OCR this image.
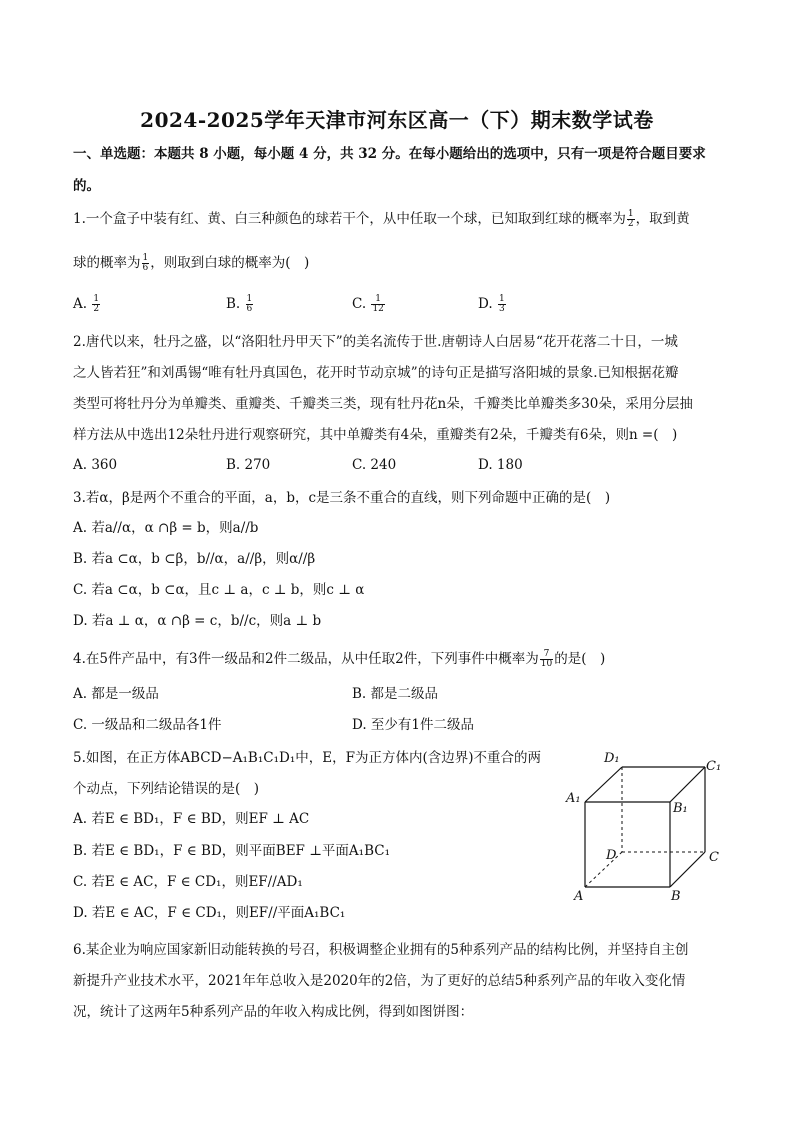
2024-2025学年天津市河东区高一（下）期末数学试卷
一、单选题：本题共 8 小题，每小题 4 分，共 32 分。在每小题给出的选项中，只有一项是符合题目要求
的。
1.一个盒子中装有红、黄、白三种颜色的球若干个，从中任取一个球，已知取到红球的概率为 $\frac{1}{2}$ ，取到黄
球的概率为 $\frac{1}{6}$ ，则取到白球的概率为(　)
A. $\frac{1}{2}$	B. $\frac{1}{6}$	C. $\frac{1}{12}$	D. $\frac{1}{3}$
2.唐代以来，牡丹之盛，以“洛阳牡丹甲天下”的美名流传于世.唐朝诗人白居易“花开花落二十日，一城
之人皆若狂”和刘禹锡“唯有牡丹真国色，花开时节动京城”的诗句正是描写洛阳城的景象.已知根据花瓣
类型可将牡丹分为单瓣类、重瓣类、千瓣类三类，现有牡丹花n朵，千瓣类比单瓣类多30朵，采用分层抽
样方法从中选出12朵牡丹进行观察研究，其中单瓣类有4朵，重瓣类有2朵，千瓣类有6朵，则n =(　)
A. 360	B. 270	C. 240	D. 180
3.若α，β是两个不重合的平面，a，b，c是三条不重合的直线，则下列命题中正确的是(　)
A. 若a//α，α ∩β = b，则a//b
B. 若a ⊂α，b ⊂β，b//α，a//β，则α//β
C. 若a ⊂α，b ⊂α，且c ⊥ a，c ⊥ b，则c ⊥ α
D. 若a ⊥ α，α ∩β = c，b//c，则a ⊥ b
4.在5件产品中，有3件一级品和2件二级品，从中任取2件，下列事件中概率为 $\frac{7}{10}$ 的是(　)
A. 都是一级品	B. 都是二级品
C. 一级品和二级品各1件	D. 至少有1件二级品
5.如图，在正方体ABCD−A₁B₁C₁D₁中，E，F为正方体内(含边界)不重合的两
个动点，下列结论错误的是(　)
A. 若E ∈ BD₁，F ∈ BD，则EF ⊥ AC
B. 若E ∈ BD₁，F ∈ BD，则平面BEF ⊥平面A₁BC₁
C. 若E ∈ AC，F ∈ CD₁，则EF//AD₁
D. 若E ∈ AC，F ∈ CD₁，则EF//平面A₁BC₁
D₁
C₁
A₁
B₁
D	C
A	B
6.某企业为响应国家新旧动能转换的号召，积极调整企业拥有的5种系列产品的结构比例，并坚持自主创
新提升产业技术水平，2021年年总收入是2020年的2倍，为了更好的总结5种系列产品的年收入变化情
况，统计了这两年5种系列产品的年收入构成比例，得到如图饼图：
